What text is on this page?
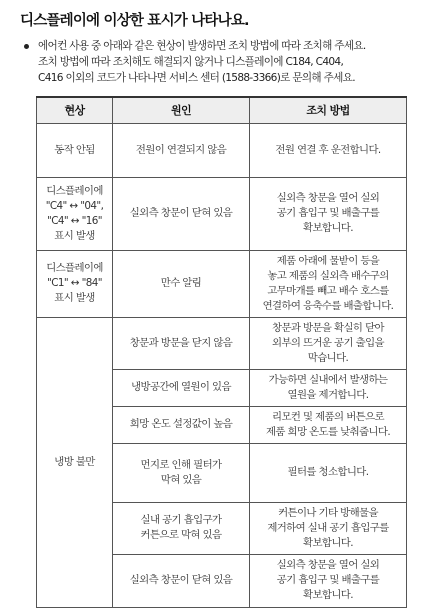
디스플레이에 이상한 표시가 나타나요.
에어컨 사용 중 아래와 같은 현상이 발생하면 조치 방법에 따라 조치해 주세요.
조치 방법에 따라 조치해도 해결되지 않거나 디스플레이에 C184, C404,
C416 이외의 코드가 나타나면 서비스 센터 (1588-3366)로 문의해 주세요.
현상	원인	조치 방법

동작 안됨	전원이 연결되지 않음	전원 연결 후 운전합니다.

디스플레이에
"C4" ↔ "04",
"C4" ↔ "16"
표시 발생	실외측 창문이 닫혀 있음	실외측 창문을 열어 실외
공기 흡입구 및 배출구를
확보합니다.

디스플레이에
"C1" ↔ "84"
표시 발생	만수 알림	제품 아래에 물받이 등을
놓고 제품의 실외측 배수구의
고무마개를 빼고 배수 호스를
연결하여 응축수를 배출합니다.

냉방 불만	창문과 방문을 닫지 않음	창문과 방문을 확실히 닫아
외부의 뜨거운 공기 출입을
막습니다.

	냉방공간에 열원이 있음	가능하면 실내에서 발생하는
열원을 제거합니다.

	희망 온도 설정값이 높음	리모컨 및 제품의 버튼으로
제품 희망 온도를 낮춰줍니다.

	먼지로 인해 필터가
막혀 있음	필터를 청소합니다.

	실내 공기 흡입구가
커튼으로 막혀 있음	커튼이나 기타 방해물을
제거하여 실내 공기 흡입구를
확보합니다.

	실외측 창문이 닫혀 있음	실외측 창문을 열어 실외
공기 흡입구 및 배출구를
확보합니다.
